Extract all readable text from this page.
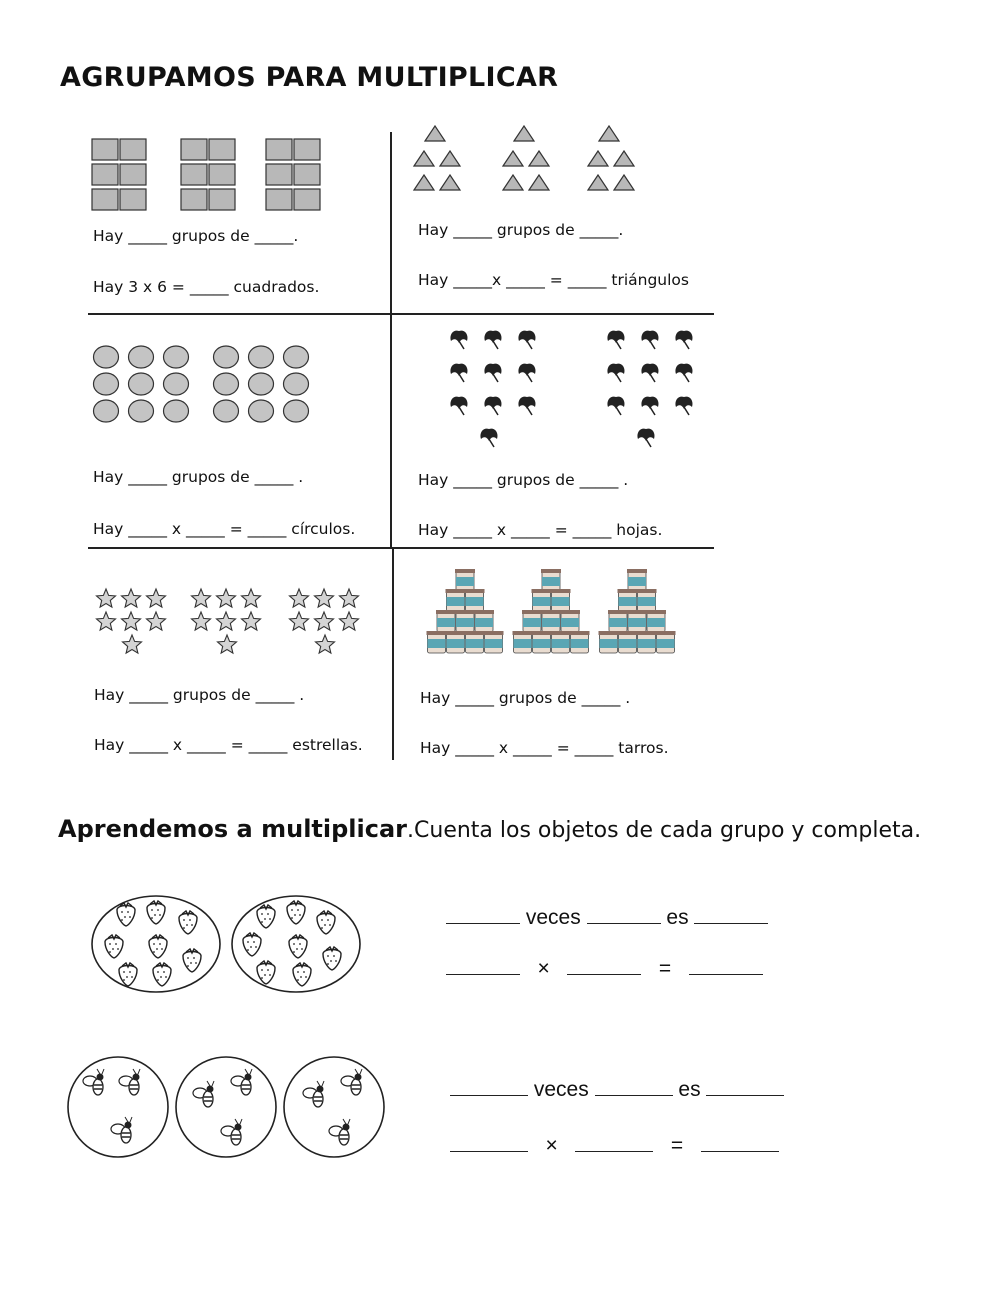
AGRUPAMOS PARA MULTIPLICAR
Hay _____ grupos de _____.
Hay 3 x 6 = _____ cuadrados.
Hay _____ grupos de _____.
Hay _____x _____ = _____ triángulos
Hay _____ grupos de _____ .
Hay _____ x _____ = _____ círculos.
Hay _____ grupos de _____ .
Hay _____ x _____ = _____ hojas.
Hay _____ grupos de _____ .
Hay _____ x _____ = _____ estrellas.
Hay _____ grupos de _____ .
Hay _____ x _____ = _____ tarros.
Aprendemos a multiplicar.Cuenta los objetos de cada grupo y completa.
veces	es
×	=
veces	es
×	=
